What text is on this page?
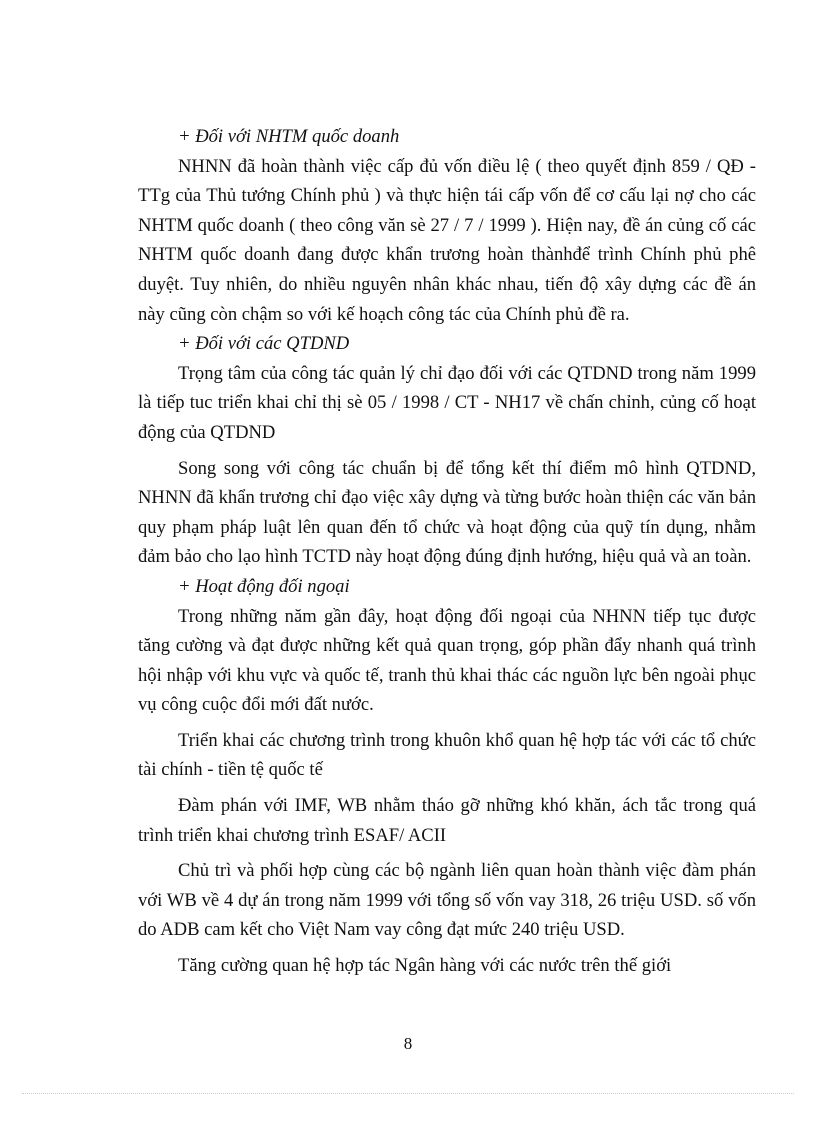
+ Đối với NHTM quốc doanh

NHNN đã hoàn thành việc cấp đủ vốn điều lệ ( theo quyết định 859 / QĐ - TTg của Thủ tướng Chính phủ ) và thực hiện tái cấp vốn để cơ cấu lại nợ cho các NHTM quốc doanh ( theo công văn sè 27 / 7 / 1999 ). Hiện nay, đề án củng cố các NHTM quốc doanh đang được khẩn trương hoàn thànhđể trình Chính phủ phê duyệt. Tuy nhiên, do nhiều nguyên nhân khác nhau, tiến độ xây dựng các đề án này cũng còn chậm so với kế hoạch công tác của Chính phủ đề ra.

+ Đối với các QTDND

Trọng tâm của công tác quản lý chỉ đạo đối với các QTDND trong năm 1999 là tiếp tuc triển khai chỉ thị sè 05 / 1998 / CT - NH17 về chấn chỉnh, củng cố hoạt động của QTDND

Song song với công tác chuẩn bị để tổng kết thí điểm mô hình QTDND, NHNN đã khẩn trương chỉ đạo việc xây dựng và từng bước hoàn thiện các văn bản quy phạm pháp luật lên quan đến tổ chức và hoạt động của quỹ tín dụng, nhằm đảm bảo cho lạo hình TCTD này hoạt động đúng định hướng, hiệu quả và an toàn.

+ Hoạt động đối ngoại

Trong những năm gần đây, hoạt động đối ngoại của NHNN tiếp tục được tăng cường và đạt được những kết quả quan trọng, góp phần đẩy nhanh quá trình hội nhập với khu vực và quốc tế, tranh thủ khai thác các nguồn lực bên ngoài phục vụ công cuộc đổi mới đất nước.

Triển khai các chương trình trong khuôn khổ quan hệ hợp tác với các tổ chức tài chính - tiền tệ quốc tế

Đàm phán với IMF, WB nhằm tháo gỡ những khó khăn, ách tắc trong quá trình triển khai chương trình ESAF/ ACII

Chủ trì và phối hợp cùng các bộ ngành liên quan hoàn thành việc đàm phán với WB về 4 dự án trong năm 1999 với tổng số vốn vay 318, 26 triệu USD. số vốn do ADB cam kết cho Việt Nam vay công đạt mức 240 triệu USD.

Tăng cường quan hệ hợp tác Ngân hàng với các nước trên thế giới

8
